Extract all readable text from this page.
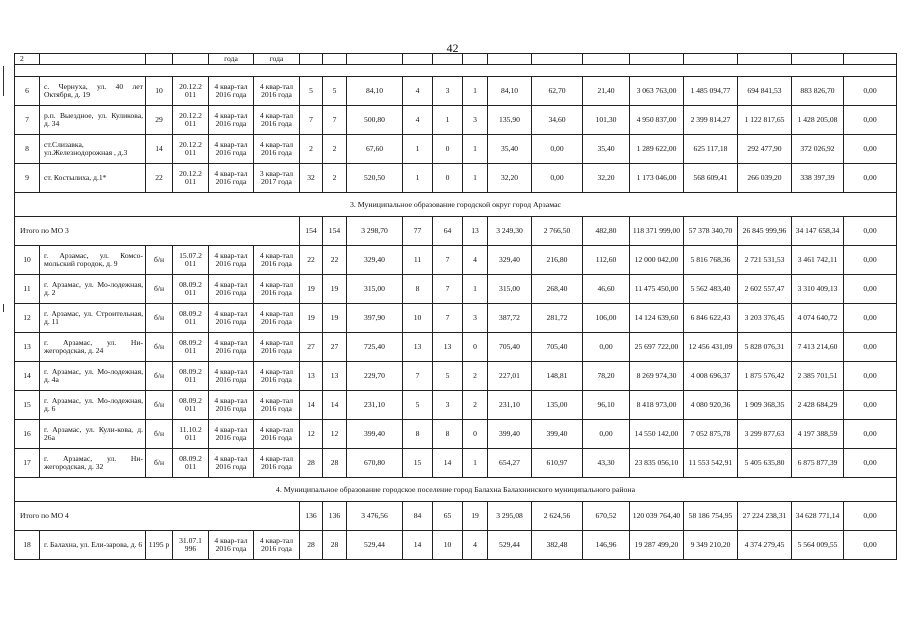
42
2				года	года														

6	с. Чернуха, ул. 40 лет Октября, д. 19	10	20.12.2 011	4 квар-тал 2016 года	4 квар-тал 2016 года	5	5	84,10	4	3	1	84,10	62,70	21,40	3 063 763,00	1 485 094,77	694 841,53	883 826,70	0,00
7	р.п. Выездное, ул. Куликова, д. 34	29	20.12.2 011	4 квар-тал 2016 года	4 квар-тал 2016 года	7	7	500,80	4	1	3	135,90	34,60	101,30	4 950 837,00	2 399 814,27	1 122 817,65	1 428 205,08	0,00
8	ст.Слизавка, ул.Железнодорожная , д.3	14	20.12.2 011	4 квар-тал 2016 года	4 квар-тал 2016 года	2	2	67,60	1	0	1	35,40	0,00	35,40	1 289 622,00	625 117,18	292 477,90	372 026,92	0,00
9	ст. Костылиха, д.1*	22	20.12.2 011	4 квар-тал 2016 года	3 квар-тал 2017 года	32	2	520,50	1	0	1	32,20	0,00	32,20	1 173 046,00	568 609,41	266 039,20	338 397,39	0,00
3. Муниципальное образование городской округ город Арзамас																			
Итого по МО 3						154	154	3 298,70	77	64	13	3 249,30	2 766,50	482,80	118 371 999,00	57 378 340,70	26 845 999,96	34 147 658,34	0,00
10	г. Арзамас, ул. Комсо-мольский городок, д. 9	б/н	15.07.2 011	4 квар-тал 2016 года	4 квар-тал 2016 года	22	22	329,40	11	7	4	329,40	216,80	112,60	12 000 042,00	5 816 768,36	2 721 531,53	3 461 742,11	0,00
11	г. Арзамас, ул. Мо-лодежная, д. 2	б/н	08.09.2 011	4 квар-тал 2016 года	4 квар-тал 2016 года	19	19	315,00	8	7	1	315,00	268,40	46,60	11 475 450,00	5 562 483,40	2 602 557,47	3 310 409,13	0,00
12	г. Арзамас, ул. Строительная, д. 11	б/н	08.09.2 011	4 квар-тал 2016 года	4 квар-тал 2016 года	19	19	397,90	10	7	3	387,72	281,72	106,00	14 124 639,60	6 846 622,43	3 203 376,45	4 074 640,72	0,00
13	г. Арзамас, ул. Ни-жегородская, д. 24	б/н	08.09.2 011	4 квар-тал 2016 года	4 квар-тал 2016 года	27	27	725,40	13	13	0	705,40	705,40	0,00	25 697 722,00	12 456 431,09	5 828 076,31	7 413 214,60	0,00
14	г. Арзамас, ул. Мо-лодежная, д. 4а	б/н	08.09.2 011	4 квар-тал 2016 года	4 квар-тал 2016 года	13	13	229,70	7	5	2	227,01	148,81	78,20	8 269 974,30	4 008 696,37	1 875 576,42	2 385 701,51	0,00
15	г. Арзамас, ул. Мо-лодежная, д. 6	б/н	08.09.2 011	4 квар-тал 2016 года	4 квар-тал 2016 года	14	14	231,10	5	3	2	231,10	135,00	96,10	8 418 973,00	4 080 920,36	1 909 368,35	2 428 684,29	0,00
16	г. Арзамас, ул. Кули-кова, д. 26а	б/н	11.10.2 011	4 квар-тал 2016 года	4 квар-тал 2016 года	12	12	399,40	8	8	0	399,40	399,40	0,00	14 550 142,00	7 052 875,78	3 299 877,63	4 197 388,59	0,00
17	г. Арзамас, ул. Ни-жегородская, д. 32	б/н	08.09.2 011	4 квар-тал 2016 года	4 квар-тал 2016 года	28	28	670,80	15	14	1	654,27	610,97	43,30	23 835 056,10	11 553 542,91	5 405 635,80	6 875 877,39	0,00
4. Муниципальное образование городское поселение город Балахна Балахнинского муниципального района																			
Итого по МО 4						136	136	3 476,56	84	65	19	3 295,08	2 624,56	670,52	120 039 764,40	58 186 754,95	27 224 238,31	34 628 771,14	0,00
18	г. Балахна, ул. Ели-зарова, д. 6	1195 р	31.07.1 996	4 квар-тал 2016 года	4 квар-тал 2016 года	28	28	529,44	14	10	4	529,44	382,48	146,96	19 287 499,20	9 349 210,20	4 374 279,45	5 564 009,55	0,00
